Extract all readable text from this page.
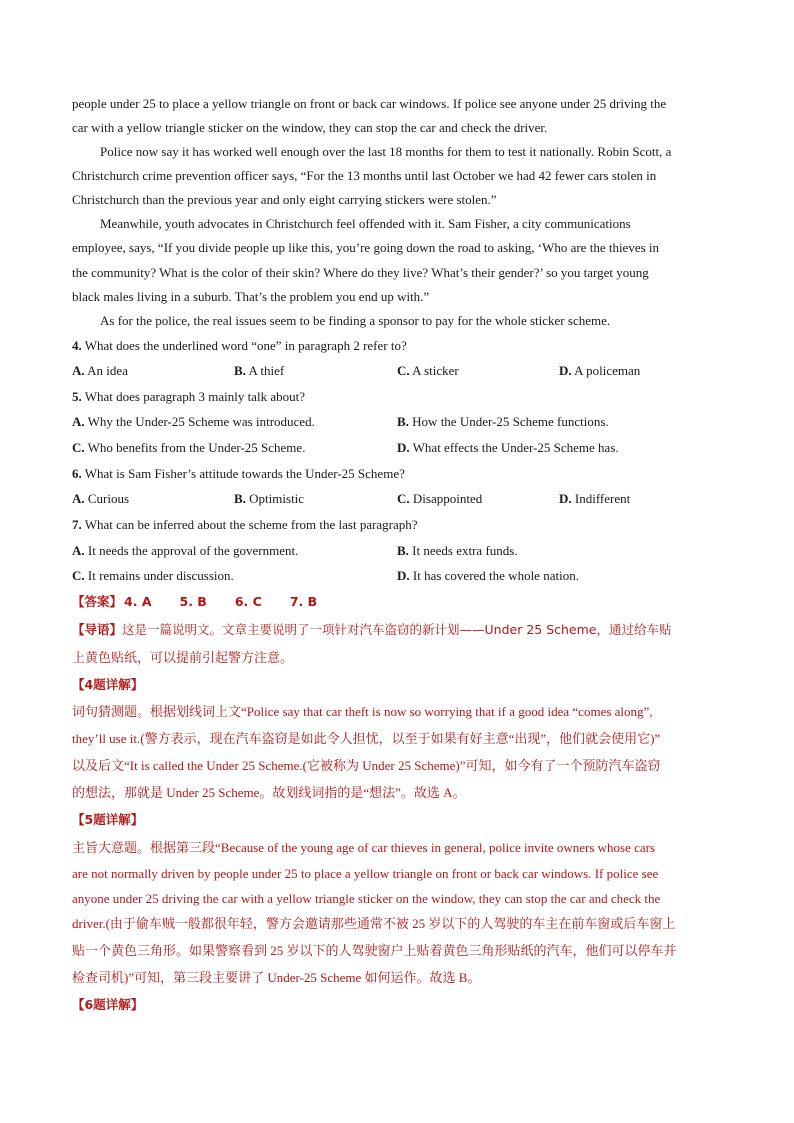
people under 25 to place a yellow triangle on front or back car windows. If police see anyone under 25 driving the
car with a yellow triangle sticker on the window, they can stop the car and check the driver.
Police now say it has worked well enough over the last 18 months for them to test it nationally. Robin Scott, a
Christchurch crime prevention officer says, “For the 13 months until last October we had 42 fewer cars stolen in
Christchurch than the previous year and only eight carrying stickers were stolen.”
Meanwhile, youth advocates in Christchurch feel offended with it. Sam Fisher, a city communications
employee, says, “If you divide people up like this, you’re going down the road to asking, ‘Who are the thieves in
the community? What is the color of their skin? Where do they live? What’s their gender?’ so you target young
black males living in a suburb. That’s the problem you end up with.”
As for the police, the real issues seem to be finding a sponsor to pay for the whole sticker scheme.
4. What does the underlined word “one” in paragraph 2 refer to?
A. An idea	B. A thief	C. A sticker	D. A policeman
5. What does paragraph 3 mainly talk about?
A. Why the Under-25 Scheme was introduced.	B. How the Under-25 Scheme functions.
C. Who benefits from the Under-25 Scheme.	D. What effects the Under-25 Scheme has.
6. What is Sam Fisher’s attitude towards the Under-25 Scheme?
A. Curious	B. Optimistic	C. Disappointed	D. Indifferent
7. What can be inferred about the scheme from the last paragraph?
A. It needs the approval of the government.	B. It needs extra funds.
C. It remains under discussion.	D. It has covered the whole nation.
【答案】 4. A 5. B 6. C 7. B
【导语】这是一篇说明文。文章主要说明了一项针对汽车盗窃的新计划——Under 25 Scheme，通过给车贴
上黄色贴纸，可以提前引起警方注意。
【4题详解】
词句猜测题。根据划线词上文“Police say that car theft is now so worrying that if a good idea “comes along”,
they’ll use it.(警方表示，现在汽车盗窃是如此令人担忧，以至于如果有好主意“出现”，他们就会使用它)”
以及后文“It is called the Under 25 Scheme.(它被称为 Under 25 Scheme)”可知，如今有了一个预防汽车盗窃
的想法，那就是 Under 25 Scheme。故划线词指的是“想法”。故选 A。
【5题详解】
主旨大意题。根据第三段“Because of the young age of car thieves in general, police invite owners whose cars
are not normally driven by people under 25 to place a yellow triangle on front or back car windows. If police see
anyone under 25 driving the car with a yellow triangle sticker on the window, they can stop the car and check the
driver.(由于偷车贼一般都很年轻，警方会邀请那些通常不被 25 岁以下的人驾驶的车主在前车窗或后车窗上
贴一个黄色三角形。如果警察看到 25 岁以下的人驾驶窗户上贴着黄色三角形贴纸的汽车，他们可以停车并
检查司机)”可知，第三段主要讲了 Under-25 Scheme 如何运作。故选 B。
【6题详解】
